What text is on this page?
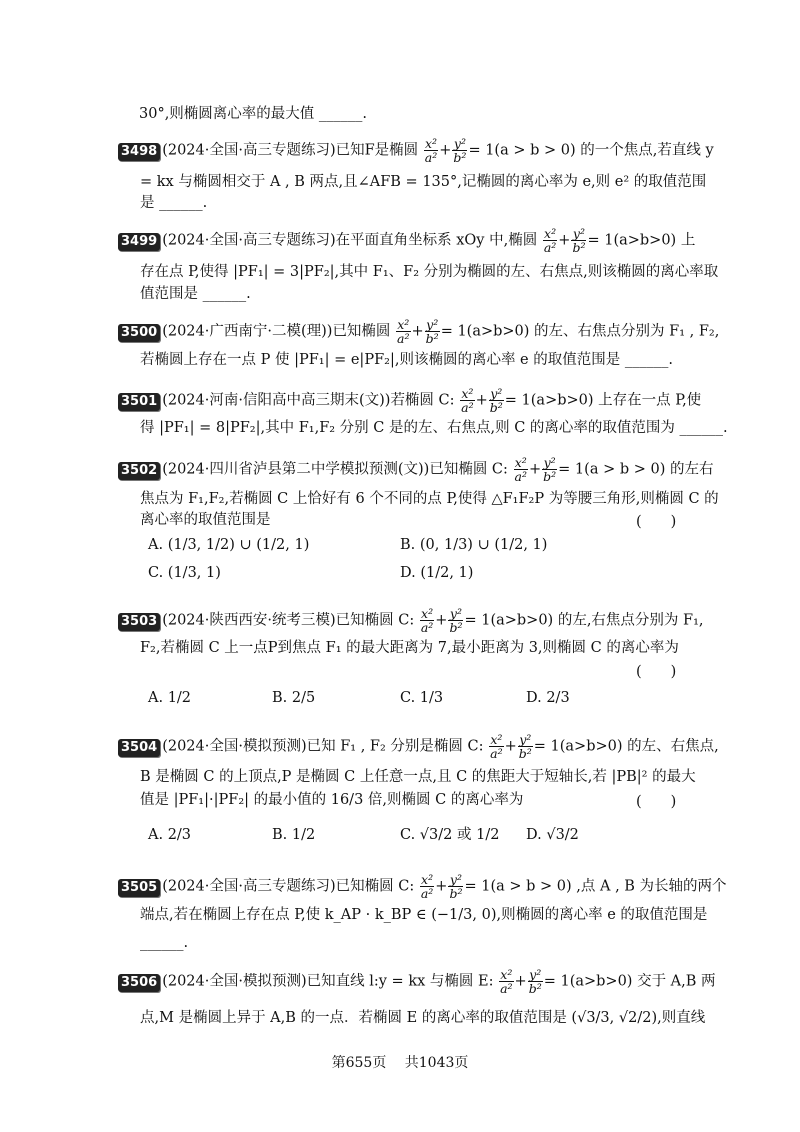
30°,则椭圆离心率的最大值 ______.
3498 (2024·全国·高三专题练习)已知F是椭圆 $\frac{\text{x²}}{\text{a²}} + \frac{\text{y²}}{\text{b²}} = 1(a > b > 0)$ 的一个焦点,若直线 y
= kx 与椭圆相交于 A , B 两点,且∠AFB = 135°,记椭圆的离心率为 e,则 e² 的取值范围
是 ______.
3499 (2024·全国·高三专题练习)在平面直角坐标系 xOy 中,椭圆 $\frac{\text{x²}}{\text{a²}} + \frac{\text{y²}}{\text{b²}} = 1(a>b>0)$ 上
存在点 P,使得 |PF₁| = 3|PF₂|,其中 F₁、F₂ 分别为椭圆的左、右焦点,则该椭圆的离心率取
值范围是 ______.
3500 (2024·广西南宁·二模(理))已知椭圆 $\frac{\text{x²}}{\text{a²}} + \frac{\text{y²}}{\text{b²}} = 1(a>b>0)$ 的左、右焦点分别为 F₁ , F₂,
若椭圆上存在一点 P 使 |PF₁| = e|PF₂|,则该椭圆的离心率 e 的取值范围是 ______.
3501 (2024·河南·信阳高中高三期末(文))若椭圆 C: $\frac{\text{x²}}{\text{a²}} + \frac{\text{y²}}{\text{b²}} = 1(a>b>0)$ 上存在一点 P,使
得 |PF₁| = 8|PF₂|,其中 F₁,F₂ 分别 C 是的左、右焦点,则 C 的离心率的取值范围为 ______.
3502 (2024·四川省泸县第二中学模拟预测(文))已知椭圆 C: $\frac{\text{x²}}{\text{a²}} + \frac{\text{y²}}{\text{b²}} = 1(a > b > 0)$ 的左右
焦点为 F₁,F₂,若椭圆 C 上恰好有 6 个不同的点 P,使得 △F₁F₂P 为等腰三角形,则椭圆 C 的
离心率的取值范围是	(　　)
A. (1/3, 1/2) ∪ (1/2, 1)	B. (0, 1/3) ∪ (1/2, 1)
C. (1/3, 1)	D. (1/2, 1)
3503 (2024·陕西西安·统考三模)已知椭圆 C: $\frac{\text{x²}}{\text{a²}} + \frac{\text{y²}}{\text{b²}} = 1(a>b>0)$ 的左,右焦点分别为 F₁,
F₂,若椭圆 C 上一点P到焦点 F₁ 的最大距离为 7,最小距离为 3,则椭圆 C 的离心率为
(　　)
A. 1/2	B. 2/5	C. 1/3	D. 2/3
3504 (2024·全国·模拟预测)已知 F₁ , F₂ 分别是椭圆 C: $\frac{\text{x²}}{\text{a²}} + \frac{\text{y²}}{\text{b²}} = 1(a>b>0)$ 的左、右焦点,
B 是椭圆 C 的上顶点,P 是椭圆 C 上任意一点,且 C 的焦距大于短轴长,若 |PB|² 的最大
值是 |PF₁|·|PF₂| 的最小值的 16/3 倍,则椭圆 C 的离心率为	(　　)
A. 2/3	B. 1/2	C. √3/2 或 1/2 D. √3/2
3505 (2024·全国·高三专题练习)已知椭圆 C: $\frac{\text{x²}}{\text{a²}} + \frac{\text{y²}}{\text{b²}} = 1(a > b > 0)$ ,点 A , B 为长轴的两个
端点,若在椭圆上存在点 P,使 k_AP · k_BP ∈ (−1/3, 0),则椭圆的离心率 e 的取值范围是
______.
3506 (2024·全国·模拟预测)已知直线 l:y = kx 与椭圆 E: $\frac{\text{x²}}{\text{a²}} + \frac{\text{y²}}{\text{b²}} = 1(a>b>0)$ 交于 A,B 两
点,M 是椭圆上异于 A,B 的一点．若椭圆 E 的离心率的取值范围是 (√3/3, √2/2),则直线
第655页　 共1043页
